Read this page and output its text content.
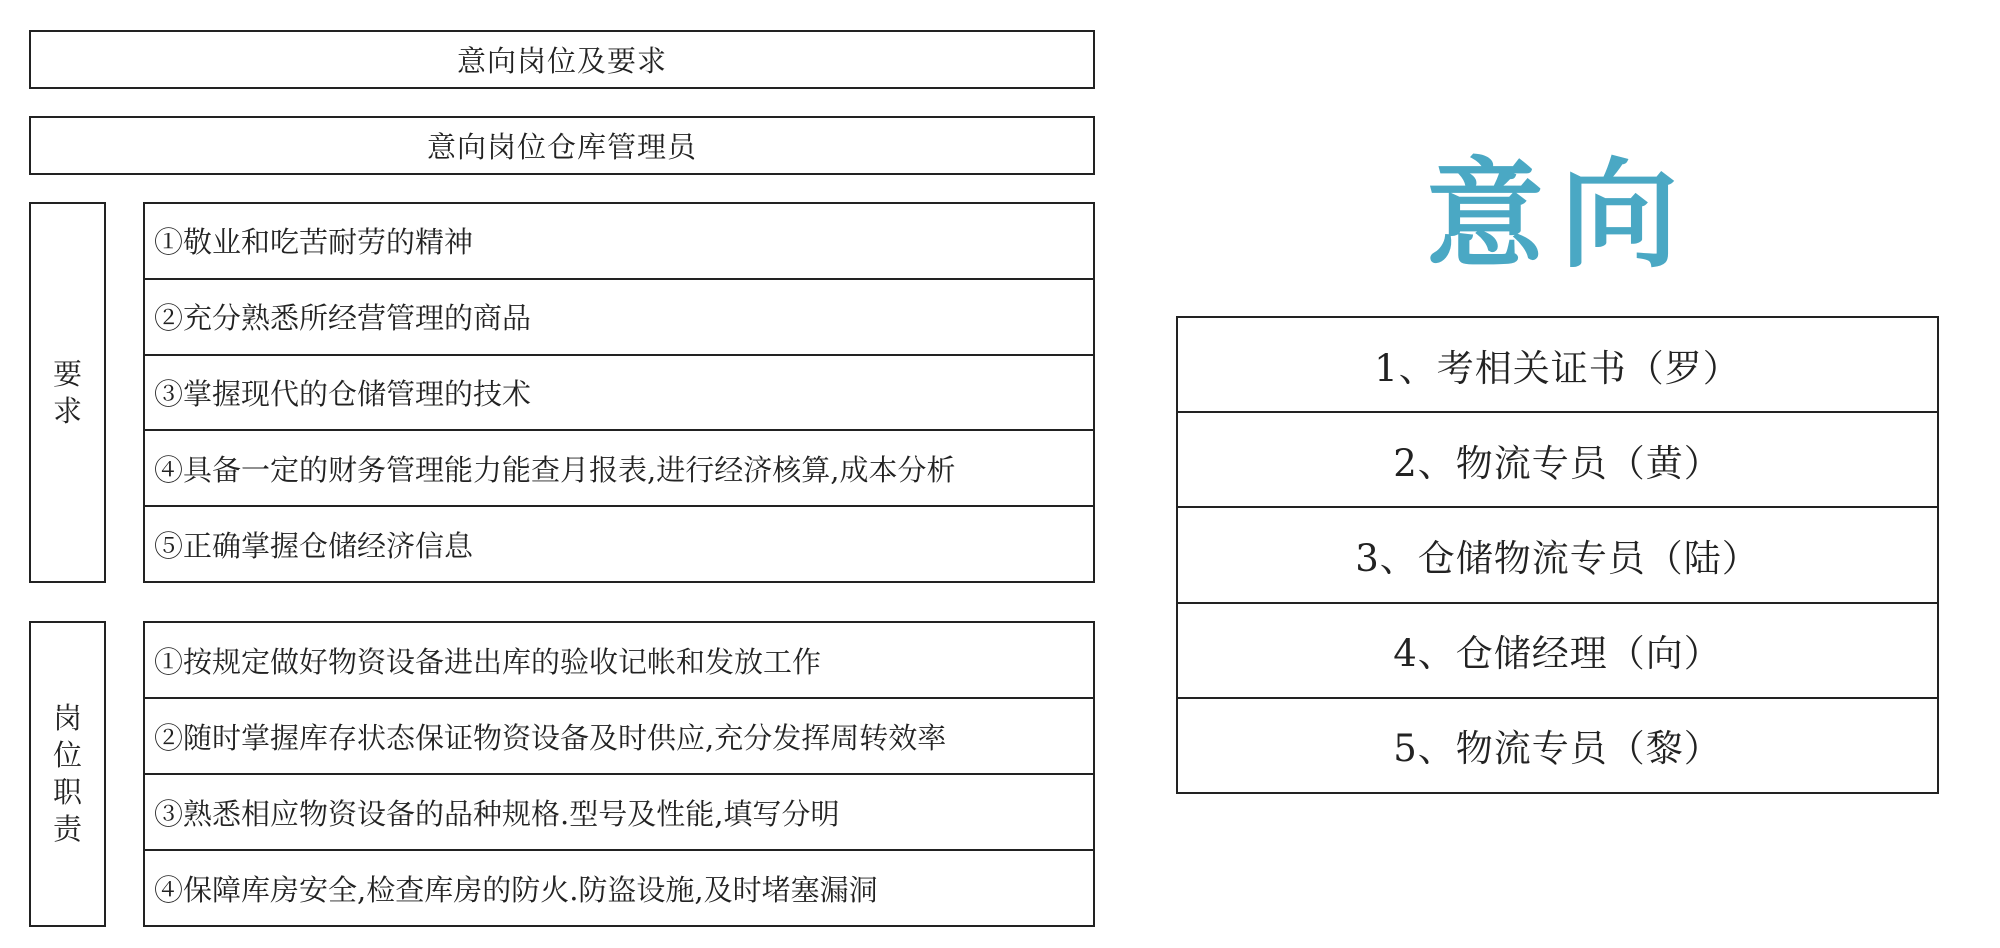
意向岗位及要求
意向岗位仓库管理员
要
求
①敬业和吃苦耐劳的精神
②充分熟悉所经营管理的商品
③掌握现代的仓储管理的技术
④具备一定的财务管理能力能查月报表,进行经济核算,成本分析
⑤正确掌握仓储经济信息
岗
位
职
责
①按规定做好物资设备进出库的验收记帐和发放工作
②随时掌握库存状态保证物资设备及时供应,充分发挥周转效率
③熟悉相应物资设备的品种规格.型号及性能,填写分明
④保障库房安全,检查库房的防火.防盗设施,及时堵塞漏洞
意向
1、考相关证书（罗）
2、物流专员（黄）
3、仓储物流专员（陆）
4、仓储经理（向）
5、物流专员（黎）
